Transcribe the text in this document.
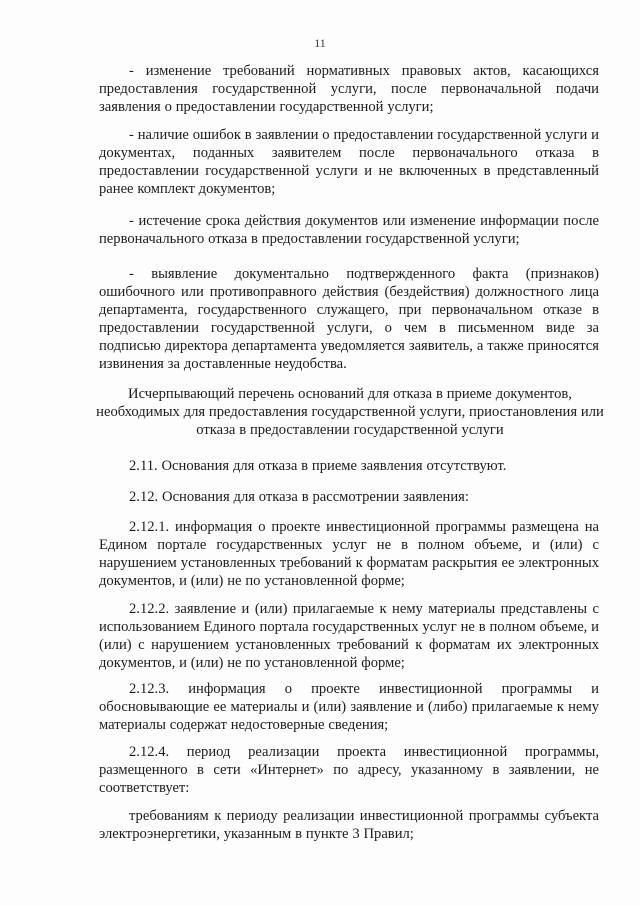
11
- изменение требований нормативных правовых актов, касающихся предоставления государственной услуги, после первоначальной подачи заявления о предоставлении государственной услуги;
- наличие ошибок в заявлении о предоставлении государственной услуги и документах, поданных заявителем после первоначального отказа в предоставлении государственной услуги и не включенных в представленный ранее комплект документов;
- истечение срока действия документов или изменение информации после первоначального отказа в предоставлении государственной услуги;
- выявление документально подтвержденного факта (признаков) ошибочного или противоправного действия (бездействия) должностного лица департамента, государственного служащего, при первоначальном отказе в предоставлении государственной услуги, о чем в письменном виде за подписью директора департамента уведомляется заявитель, а также приносятся извинения за доставленные неудобства.
Исчерпывающий перечень оснований для отказа в приеме документов, необходимых для предоставления государственной услуги, приостановления или отказа в предоставлении государственной услуги
2.11. Основания для отказа в приеме заявления отсутствуют.
2.12. Основания для отказа в рассмотрении заявления:
2.12.1. информация о проекте инвестиционной программы размещена на Едином портале государственных услуг не в полном объеме, и (или) с нарушением установленных требований к форматам раскрытия ее электронных документов, и (или) не по установленной форме;
2.12.2. заявление и (или) прилагаемые к нему материалы представлены с использованием Единого портала государственных услуг не в полном объеме, и (или) с нарушением установленных требований к форматам их электронных документов, и (или) не по установленной форме;
2.12.3. информация о проекте инвестиционной программы и обосновывающие ее материалы и (или) заявление и (либо) прилагаемые к нему материалы содержат недостоверные сведения;
2.12.4. период реализации проекта инвестиционной программы, размещенного в сети «Интернет» по адресу, указанному в заявлении, не соответствует:
требованиям к периоду реализации инвестиционной программы субъекта электроэнергетики, указанным в пункте 3 Правил;
